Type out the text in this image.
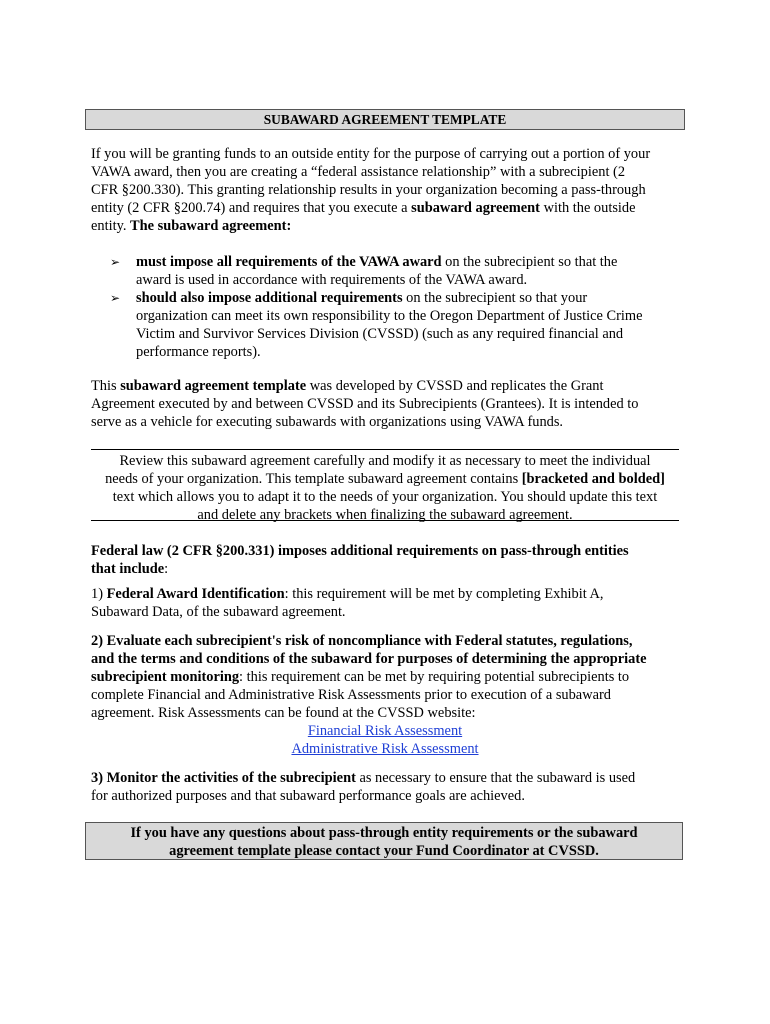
SUBAWARD AGREEMENT TEMPLATE
If you will be granting funds to an outside entity for the purpose of carrying out a portion of your
VAWA award, then you are creating a “federal assistance relationship” with a subrecipient (2
CFR §200.330). This granting relationship results in your organization becoming a pass-through
entity (2 CFR §200.74) and requires that you execute a subaward agreement with the outside
entity. The subaward agreement:
➢	must impose all requirements of the VAWA award on the subrecipient so that the
award is used in accordance with requirements of the VAWA award.
➢	should also impose additional requirements on the subrecipient so that your
organization can meet its own responsibility to the Oregon Department of Justice Crime
Victim and Survivor Services Division (CVSSD) (such as any required financial and
performance reports).
This subaward agreement template was developed by CVSSD and replicates the Grant
Agreement executed by and between CVSSD and its Subrecipients (Grantees). It is intended to
serve as a vehicle for executing subawards with organizations using VAWA funds.
Review this subaward agreement carefully and modify it as necessary to meet the individual
needs of your organization. This template subaward agreement contains [bracketed and bolded]
text which allows you to adapt it to the needs of your organization. You should update this text
and delete any brackets when finalizing the subaward agreement.
Federal law (2 CFR §200.331) imposes additional requirements on pass-through entities
that include:
1) Federal Award Identification: this requirement will be met by completing Exhibit A,
Subaward Data, of the subaward agreement.
2) Evaluate each subrecipient's risk of noncompliance with Federal statutes, regulations,
and the terms and conditions of the subaward for purposes of determining the appropriate
subrecipient monitoring: this requirement can be met by requiring potential subrecipients to
complete Financial and Administrative Risk Assessments prior to execution of a subaward
agreement. Risk Assessments can be found at the CVSSD website:
Financial Risk Assessment
Administrative Risk Assessment
3) Monitor the activities of the subrecipient as necessary to ensure that the subaward is used
for authorized purposes and that subaward performance goals are achieved.
If you have any questions about pass-through entity requirements or the subaward
agreement template please contact your Fund Coordinator at CVSSD.
